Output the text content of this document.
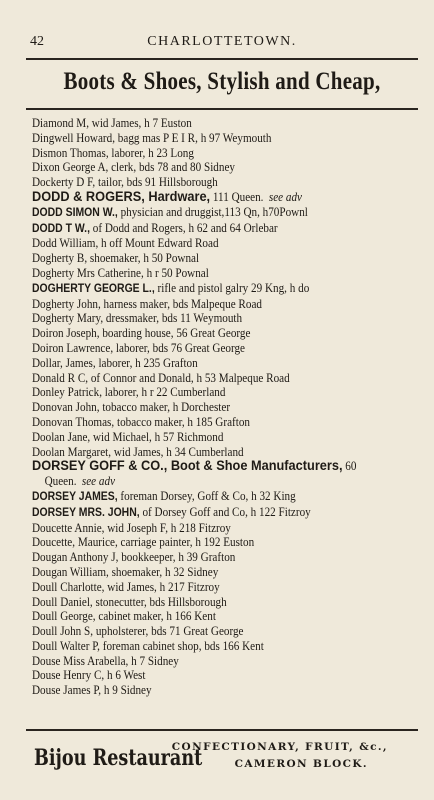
42	CHARLOTTETOWN.
Boots & Shoes, Stylish and Cheap,
Diamond M, wid James, h 7 Euston
Dingwell Howard, bagg mas P E I R, h 97 Weymouth
Dismon Thomas, laborer, h 23 Long
Dixon George A, clerk, bds 78 and 80 Sidney
Dockerty D F, tailor, bds 91 Hillsborough
DODD & ROGERS, Hardware, 111 Queen. see adv
DODD SIMON W., physician and druggist,113 Qn, h70Pownl
DODD T W., of Dodd and Rogers, h 62 and 64 Orlebar
Dodd William, h off Mount Edward Road
Dogherty B, shoemaker, h 50 Pownal
Dogherty Mrs Catherine, h r 50 Pownal
DOGHERTY GEORGE L., rifle and pistol galry 29 Kng, h do
Dogherty John, harness maker, bds Malpeque Road
Dogherty Mary, dressmaker, bds 11 Weymouth
Doiron Joseph, boarding house, 56 Great George
Doiron Lawrence, laborer, bds 76 Great George
Dollar, James, laborer, h 235 Grafton
Donald R C, of Connor and Donald, h 53 Malpeque Road
Donley Patrick, laborer, h r 22 Cumberland
Donovan John, tobacco maker, h Dorchester
Donovan Thomas, tobacco maker, h 185 Grafton
Doolan Jane, wid Michael, h 57 Richmond
Doolan Margaret, wid James, h 34 Cumberland
DORSEY GOFF & CO., Boot & Shoe Manufacturers, 60
Queen. see adv
DORSEY JAMES, foreman Dorsey, Goff & Co, h 32 King
DORSEY MRS. JOHN, of Dorsey Goff and Co, h 122 Fitzroy
Doucette Annie, wid Joseph F, h 218 Fitzroy
Doucette, Maurice, carriage painter, h 192 Euston
Dougan Anthony J, bookkeeper, h 39 Grafton
Dougan William, shoemaker, h 32 Sidney
Doull Charlotte, wid James, h 217 Fitzroy
Doull Daniel, stonecutter, bds Hillsborough
Doull George, cabinet maker, h 166 Kent
Doull John S, upholsterer, bds 71 Great George
Doull Walter P, foreman cabinet shop, bds 166 Kent
Douse Miss Arabella, h 7 Sidney
Douse Henry C, h 6 West
Douse James P, h 9 Sidney
Bijou Restaurant
CONFECTIONARY, FRUIT, &c.,
CAMERON BLOCK.
